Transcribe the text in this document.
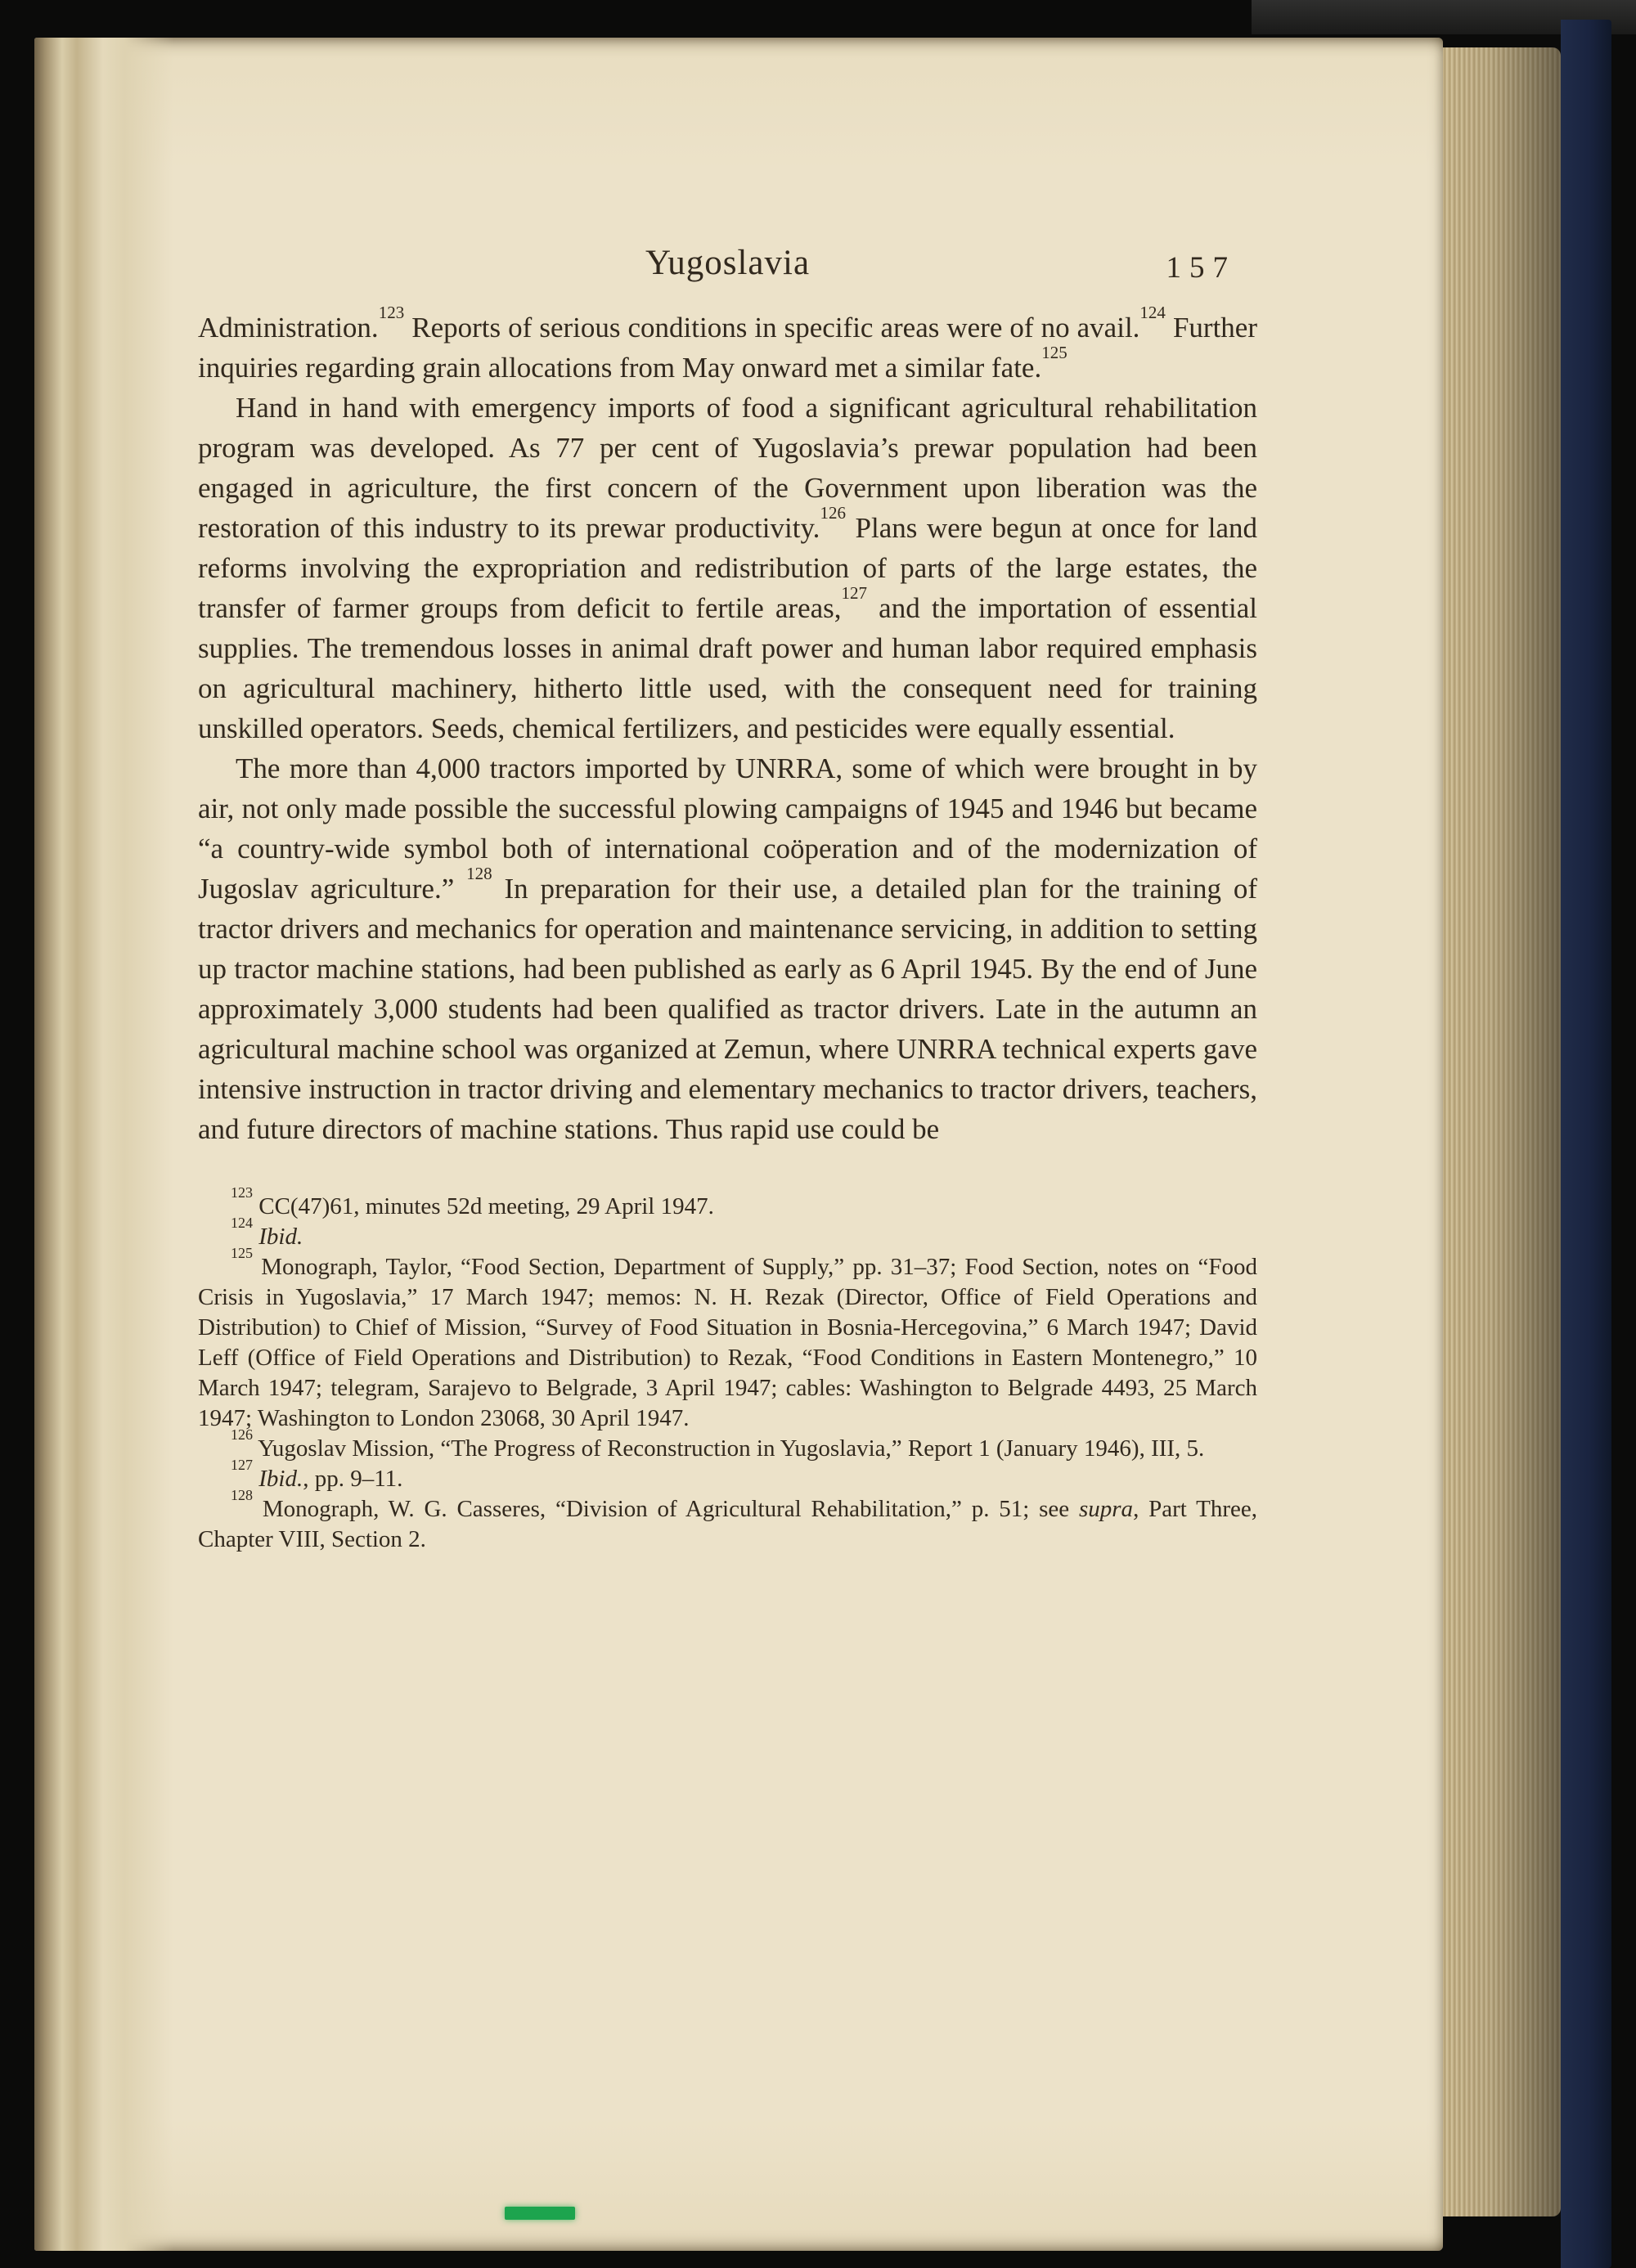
Yugoslavia	157

Administration.$^{123}$ Reports of serious conditions in specific areas were of no avail.$^{124}$ Further inquiries regarding grain allocations from May onward met a similar fate.$^{125}$

Hand in hand with emergency imports of food a significant agricultural rehabilitation program was developed. As 77 per cent of Yugoslavia’s prewar population had been engaged in agriculture, the first concern of the Government upon liberation was the restoration of this industry to its prewar productivity.$^{126}$ Plans were begun at once for land reforms involving the expropriation and redistribution of parts of the large estates, the transfer of farmer groups from deficit to fertile areas,$^{127}$ and the importation of essential supplies. The tremendous losses in animal draft power and human labor required emphasis on agricultural machinery, hitherto little used, with the consequent need for training unskilled operators. Seeds, chemical fertilizers, and pesticides were equally essential.

The more than 4,000 tractors imported by UNRRA, some of which were brought in by air, not only made possible the successful plowing campaigns of 1945 and 1946 but became “a country-wide symbol both of international coöperation and of the modernization of Jugoslav agriculture.” $^{128}$ In preparation for their use, a detailed plan for the training of tractor drivers and mechanics for operation and maintenance servicing, in addition to setting up tractor machine stations, had been published as early as 6 April 1945. By the end of June approximately 3,000 students had been qualified as tractor drivers. Late in the autumn an agricultural machine school was organized at Zemun, where UNRRA technical experts gave intensive instruction in tractor driving and elementary mechanics to tractor drivers, teachers, and future directors of machine stations. Thus rapid use could be

$^{123}$ CC(47)61, minutes 52d meeting, 29 April 1947.

$^{124}$ Ibid.

$^{125}$ Monograph, Taylor, “Food Section, Department of Supply,” pp. 31–37; Food Section, notes on “Food Crisis in Yugoslavia,” 17 March 1947; memos: N. H. Rezak (Director, Office of Field Operations and Distribution) to Chief of Mission, “Survey of Food Situation in Bosnia-Hercegovina,” 6 March 1947; David Leff (Office of Field Operations and Distribution) to Rezak, “Food Conditions in Eastern Montenegro,” 10 March 1947; telegram, Sarajevo to Belgrade, 3 April 1947; cables: Washington to Belgrade 4493, 25 March 1947; Washington to London 23068, 30 April 1947.

$^{126}$ Yugoslav Mission, “The Progress of Reconstruction in Yugoslavia,” Report 1 (January 1946), III, 5.

$^{127}$ Ibid., pp. 9–11.

$^{128}$ Monograph, W. G. Casseres, “Division of Agricultural Rehabilitation,” p. 51; see supra, Part Three, Chapter VIII, Section 2.
